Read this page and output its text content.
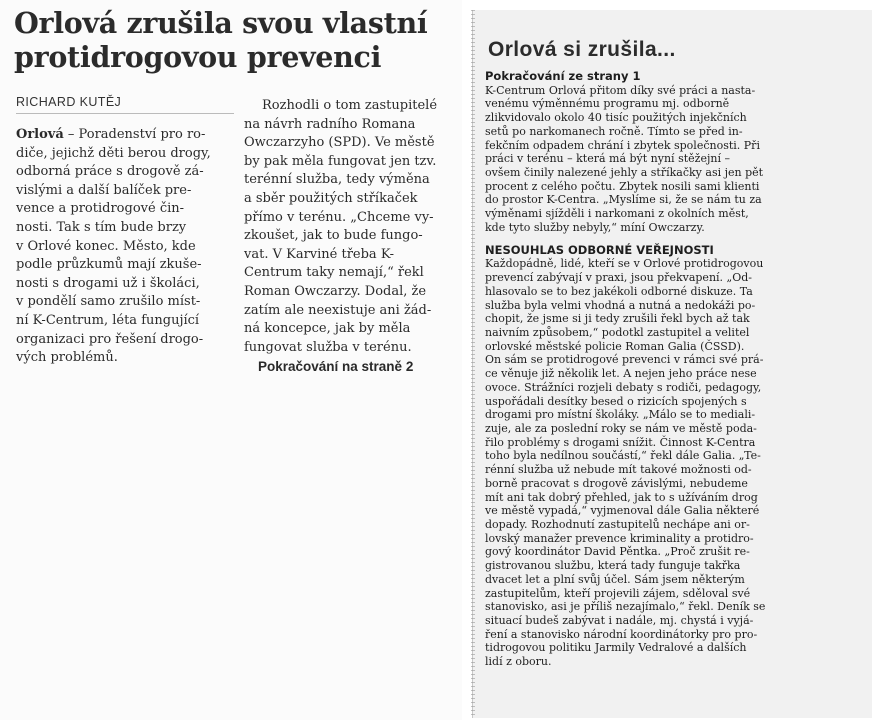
Orlová zrušila svou vlastní
protidrogovou prevenci
RICHARD KUTĚJ
Orlová – Poradenství pro ro-
diče, jejichž děti berou drogy,
odborná práce s drogově zá-
vislými a další balíček pre-
vence a protidrogové čin-
nosti. Tak s tím bude brzy
v Orlové konec. Město, kde
podle průzkumů mají zkuše-
nosti s drogami už i školáci,
v pondělí samo zrušilo míst-
ní K-Centrum, léta fungující
organizaci pro řešení drogo-
vých problémů.
Rozhodli o tom zastupitelé
na návrh radního Romana
Owczarzyho (SPD). Ve městě
by pak měla fungovat jen tzv.
terénní služba, tedy výměna
a sběr použitých stříkaček
přímo v terénu. „Chceme vy-
zkoušet, jak to bude fungo-
vat. V Karviné třeba K-
Centrum taky nemají,“ řekl
Roman Owczarzy. Dodal, že
zatím ale neexistuje ani žád-
ná koncepce, jak by měla
fungovat služba v terénu.
Pokračování na straně 2
Orlová si zrušila...
Pokračování ze strany 1
K-Centrum Orlová přitom díky své práci a nasta-
venému výměnnému programu mj. odborně
zlikvidovalo okolo 40 tisíc použitých injekčních
setů po narkomanech ročně. Tímto se před in-
fekčním odpadem chrání i zbytek společnosti. Při
práci v terénu – která má být nyní stěžejní –
ovšem činily nalezené jehly a stříkačky asi jen pět
procent z celého počtu. Zbytek nosili sami klienti
do prostor K-Centra. „Myslíme si, že se nám tu za
výměnami sjížděli i narkomani z okolních měst,
kde tyto služby nebyly,“ míní Owczarzy.
NESOUHLAS ODBORNÉ VEŘEJNOSTI
Každopádně, lidé, kteří se v Orlové protidrogovou
prevencí zabývají v praxi, jsou překvapení. „Od-
hlasovalo se to bez jakékoli odborné diskuze. Ta
služba byla velmi vhodná a nutná a nedokáži po-
chopit, že jsme si ji tedy zrušili řekl bych až tak
naivním způsobem,“ podotkl zastupitel a velitel
orlovské městské policie Roman Galia (ČSSD).
On sám se protidrogové prevenci v rámci své prá-
ce věnuje již několik let. A nejen jeho práce nese
ovoce. Strážníci rozjeli debaty s rodiči, pedagogy,
uspořádali desítky besed o rizicích spojených s
drogami pro místní školáky. „Málo se to mediali-
zuje, ale za poslední roky se nám ve městě poda-
řilo problémy s drogami snížit. Činnost K-Centra
toho byla nedílnou součástí,“ řekl dále Galia. „Te-
rénní služba už nebude mít takové možnosti od-
borně pracovat s drogově závislými, nebudeme
mít ani tak dobrý přehled, jak to s užíváním drog
ve městě vypadá,“ vyjmenoval dále Galia některé
dopady. Rozhodnutí zastupitelů nechápe ani or-
lovský manažer prevence kriminality a protidro-
gový koordinátor David Pěntka. „Proč zrušit re-
gistrovanou službu, která tady funguje takřka
dvacet let a plní svůj účel. Sám jsem některým
zastupitelům, kteří projevili zájem, sděloval své
stanovisko, asi je příliš nezajímalo,“ řekl. Deník se
situací budeš zabývat i nadále, mj. chystá i vyjá-
ření a stanovisko národní koordinátorky pro pro-
tidrogovou politiku Jarmily Vedralové a dalších
lidí z oboru.
